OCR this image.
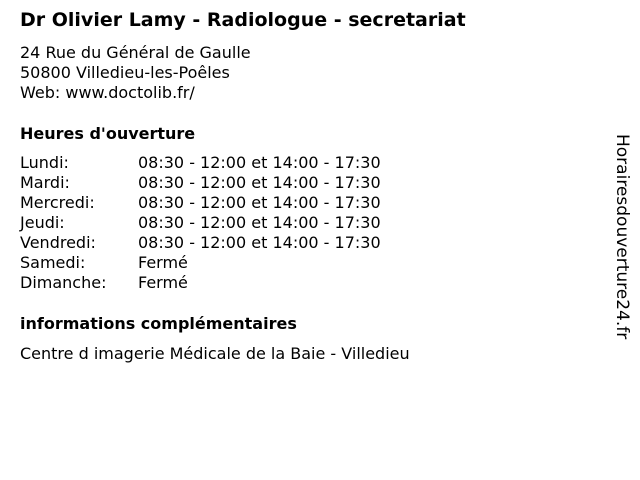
Dr Olivier Lamy - Radiologue - secretariat
24 Rue du Général de Gaulle
50800 Villedieu-les-Poêles
Web: www.doctolib.fr/
Heures d'ouverture
Lundi:	08:30 - 12:00 et 14:00 - 17:30
Mardi:	08:30 - 12:00 et 14:00 - 17:30
Mercredi:	08:30 - 12:00 et 14:00 - 17:30
Jeudi:	08:30 - 12:00 et 14:00 - 17:30
Vendredi:	08:30 - 12:00 et 14:00 - 17:30
Samedi:	Fermé
Dimanche: Fermé
informations complémentaires
Centre d imagerie Médicale de la Baie - Villedieu
Horairesdouverture24.fr
